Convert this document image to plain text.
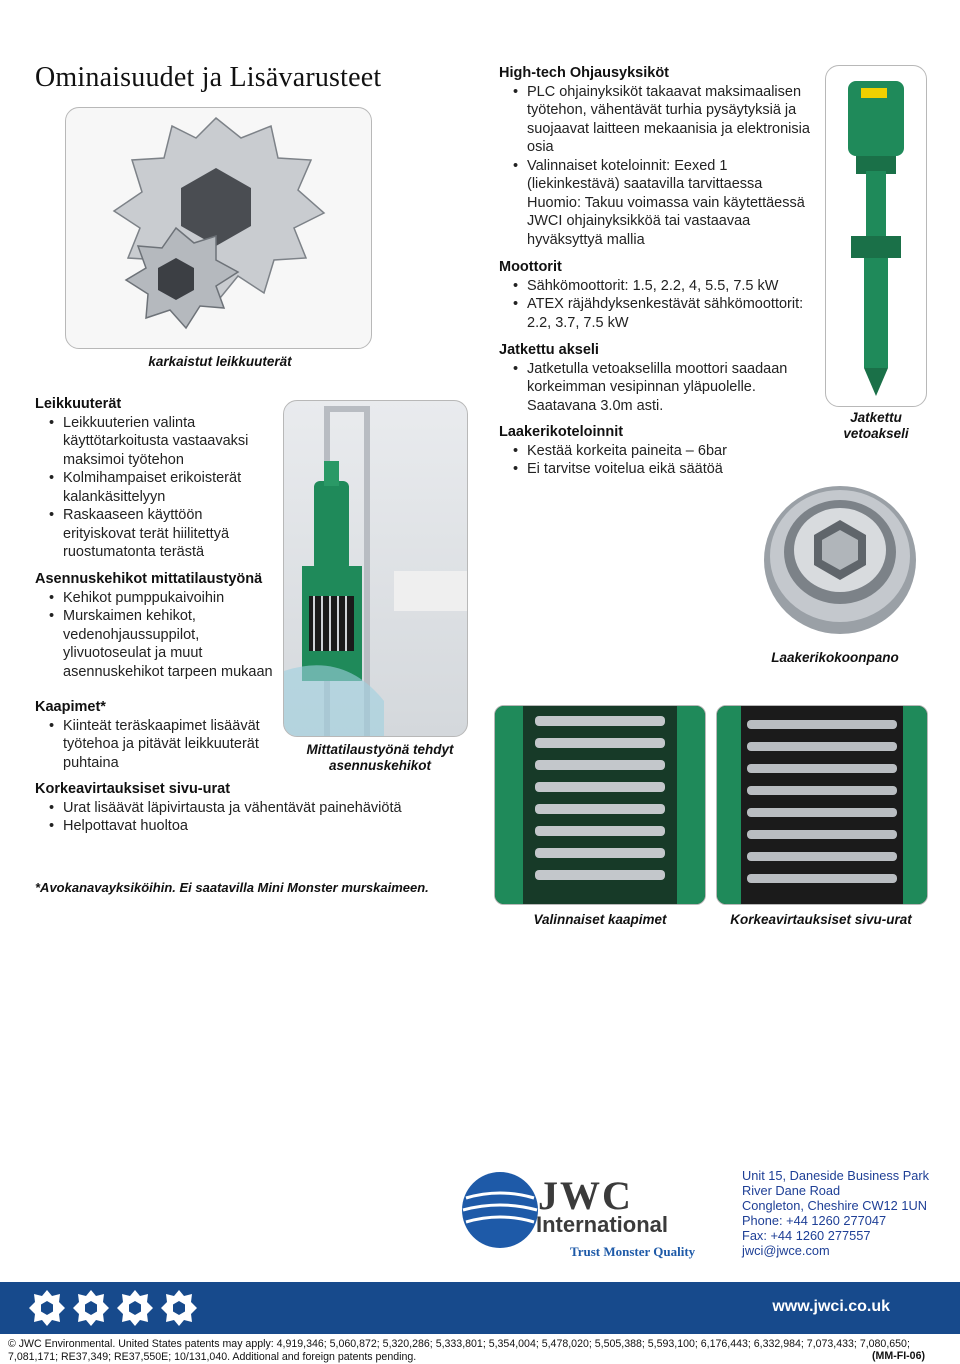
Ominaisuudet ja Lisävarusteet
karkaistut leikkuuterät
Leikkuuterät
• Leikkuuterien valinta käyttötarkoitusta vastaavaksi maksimoi työtehon
• Kolmihampaiset erikoisterät kalankäsittelyyn
• Raskaaseen käyttöön erityiskovat terät hiilitettyä ruostumatonta terästä
Asennuskehikot mittatilaustyönä
• Kehikot pumppukaivoihin
• Murskaimen kehikot, vedenohjaussuppilot, ylivuotoseulat ja muut asennuskehikot tarpeen mukaan
Mittatilaustyönä tehdyt asennuskehikot
Kaapimet*
• Kiinteät teräskaapimet lisäävät työtehoa ja pitävät leikkuuterät puhtaina
Korkeavirtauksiset sivu-urat
• Urat lisäävät läpivirtausta ja vähentävät painehäviötä
• Helpottavat huoltoa
High-tech Ohjausyksiköt
• PLC ohjainyksiköt takaavat maksimaalisen työtehon, vähentävät turhia pysäytyksiä ja suojaavat laitteen mekaanisia ja elektronisia osia
• Valinnaiset koteloinnit: Eexed 1 (liekinkestävä) saatavilla tarvittaessa
Huomio: Takuu voimassa vain käytettäessä JWCI ohjainyksikköä tai vastaavaa hyväksyttyä mallia
Moottorit
• Sähkömoottorit: 1.5, 2.2, 4, 5.5, 7.5 kW
• ATEX räjähdyksenkestävät sähkömoottorit: 2.2, 3.7, 7.5 kW
Jatkettu akseli
• Jatketulla vetoakselilla moottori saadaan korkeimman vesipinnan yläpuolelle. Saatavana 3.0m asti.
Laakerikoteloinnit
• Kestää korkeita paineita – 6bar
• Ei tarvitse voitelua eikä säätöä
Jatkettu vetoakseli
Laakerikokoonpano
Valinnaiset kaapimet	Korkeavirtauksiset sivu-urat
*Avokanavayksiköihin. Ei saatavilla Mini Monster murskaimeen.
JWC
International
Trust Monster Quality
Unit 15, Daneside Business Park
River Dane Road
Congleton, Cheshire CW12 1UN
Phone: +44 1260 277047
Fax: +44 1260 277557
jwci@jwce.com
www.jwci.co.uk
© JWC Environmental. United States patents may apply: 4,919,346; 5,060,872; 5,320,286; 5,333,801; 5,354,004; 5,478,020; 5,505,388; 5,593,100; 6,176,443; 6,332,984; 7,073,433; 7,080,650; 7,081,171; RE37,349; RE37,550E; 10/131,040. Additional and foreign patents pending.	(MM-FI-06)
